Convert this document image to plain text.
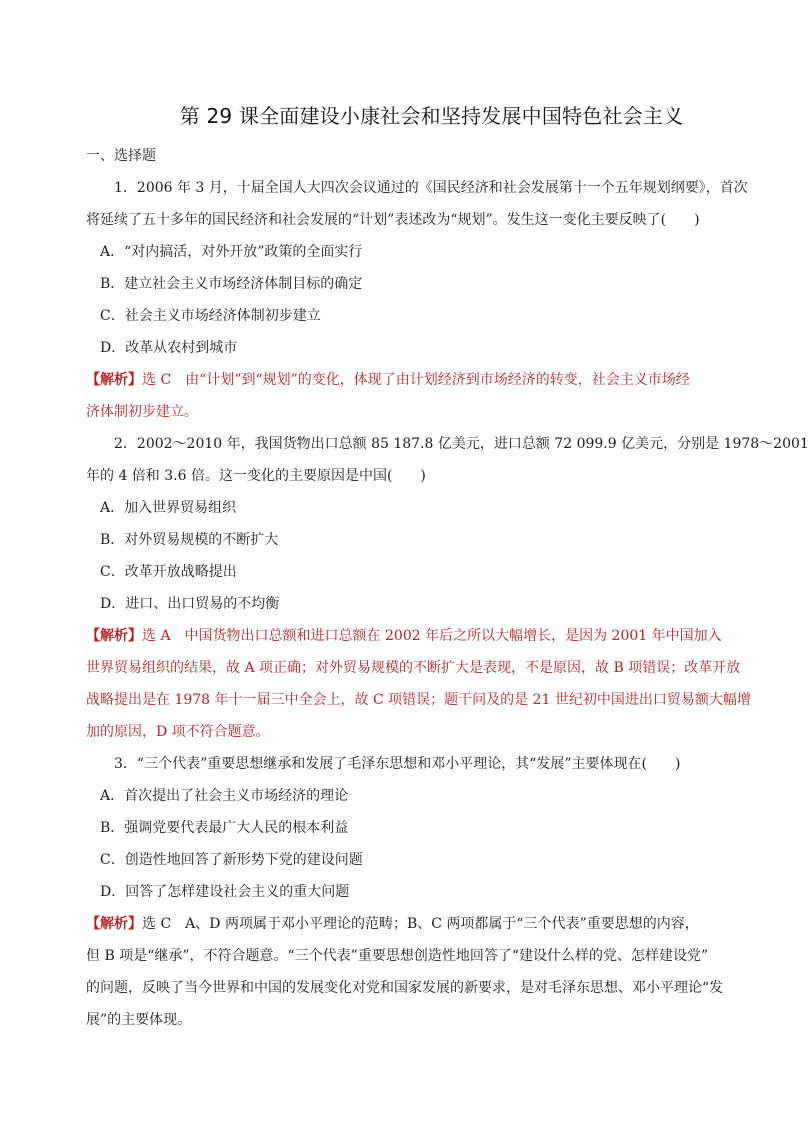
第 29 课全面建设小康社会和坚持发展中国特色社会主义
一、选择题
1．2006 年 3 月，十届全国人大四次会议通过的《国民经济和社会发展第十一个五年规划纲要》，首次
将延续了五十多年的国民经济和社会发展的“计划”表述改为“规划”。发生这一变化主要反映了(　　)
A．“对内搞活，对外开放”政策的全面实行
B．建立社会主义市场经济体制目标的确定
C．社会主义市场经济体制初步建立
D．改革从农村到城市
【解析】选 C　由“计划”到“规划”的变化，体现了由计划经济到市场经济的转变，社会主义市场经
济体制初步建立。
2．2002～2010 年，我国货物出口总额 85 187.8 亿美元，进口总额 72 099.9 亿美元，分别是 1978～2001
年的 4 倍和 3.6 倍。这一变化的主要原因是中国(　　)
A．加入世界贸易组织
B．对外贸易规模的不断扩大
C．改革开放战略提出
D．进口、出口贸易的不均衡
【解析】选 A　中国货物出口总额和进口总额在 2002 年后之所以大幅增长，是因为 2001 年中国加入
世界贸易组织的结果，故 A 项正确；对外贸易规模的不断扩大是表现，不是原因，故 B 项错误；改革开放
战略提出是在 1978 年十一届三中全会上，故 C 项错误；题干问及的是 21 世纪初中国进出口贸易额大幅增
加的原因，D 项不符合题意。
3．“三个代表”重要思想继承和发展了毛泽东思想和邓小平理论，其“发展”主要体现在(　　)
A．首次提出了社会主义市场经济的理论
B．强调党要代表最广大人民的根本利益
C．创造性地回答了新形势下党的建设问题
D．回答了怎样建设社会主义的重大问题
【解析】选 C　A、D 两项属于邓小平理论的范畴；B、C 两项都属于“三个代表”重要思想的内容，
但 B 项是“继承”，不符合题意。“三个代表”重要思想创造性地回答了“建设什么样的党、怎样建设党”
的问题，反映了当今世界和中国的发展变化对党和国家发展的新要求，是对毛泽东思想、邓小平理论“发
展”的主要体现。
